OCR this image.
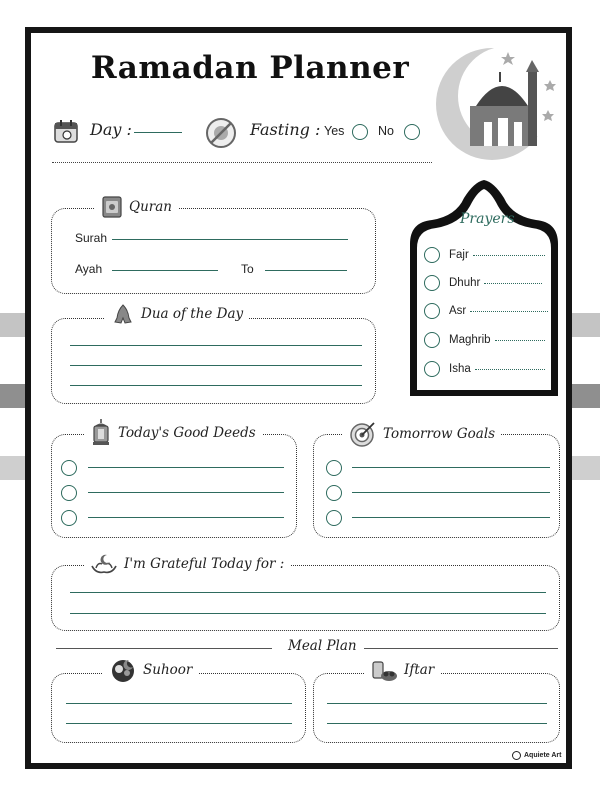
Ramadan Planner
Day :	Fasting : Yes	No
Quran
Surah
Ayah	To
Prayers
Fajr
Dhuhr
Asr
Maghrib
Isha
Dua of the Day
Today's Good Deeds	Tomorrow Goals
I'm Grateful Today for :
Meal Plan
Suhoor	Iftar
Aquiete Art
